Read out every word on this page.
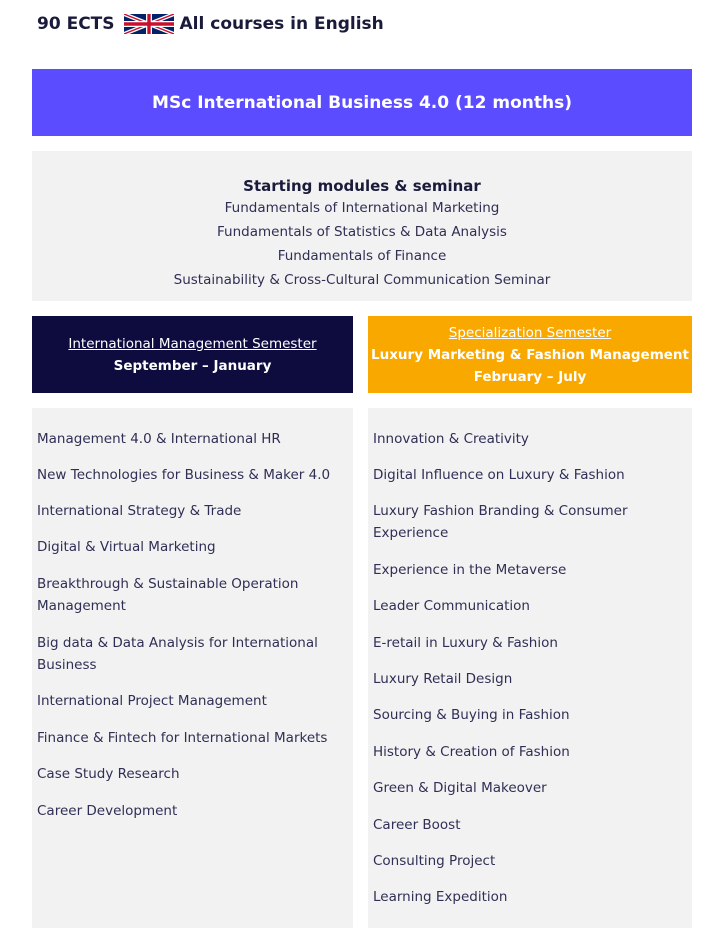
90 ECTS	All courses in English
MSc International Business 4.0 (12 months)
Starting modules & seminar
Fundamentals of International Marketing
Fundamentals of Statistics & Data Analysis
Fundamentals of Finance
Sustainability & Cross-Cultural Communication Seminar
International Management Semester
September – January
Specialization Semester
Luxury Marketing & Fashion Management
February – July
Management 4.0 & International HR
New Technologies for Business & Maker 4.0
International Strategy & Trade
Digital & Virtual Marketing
Breakthrough & Sustainable Operation Management
Big data & Data Analysis for International Business
International Project Management
Finance & Fintech for International Markets
Case Study Research
Career Development
Innovation & Creativity
Digital Influence on Luxury & Fashion
Luxury Fashion Branding & Consumer Experience
Experience in the Metaverse
Leader Communication
E-retail in Luxury & Fashion
Luxury Retail Design
Sourcing & Buying in Fashion
History & Creation of Fashion
Green & Digital Makeover
Career Boost
Consulting Project
Learning Expedition
